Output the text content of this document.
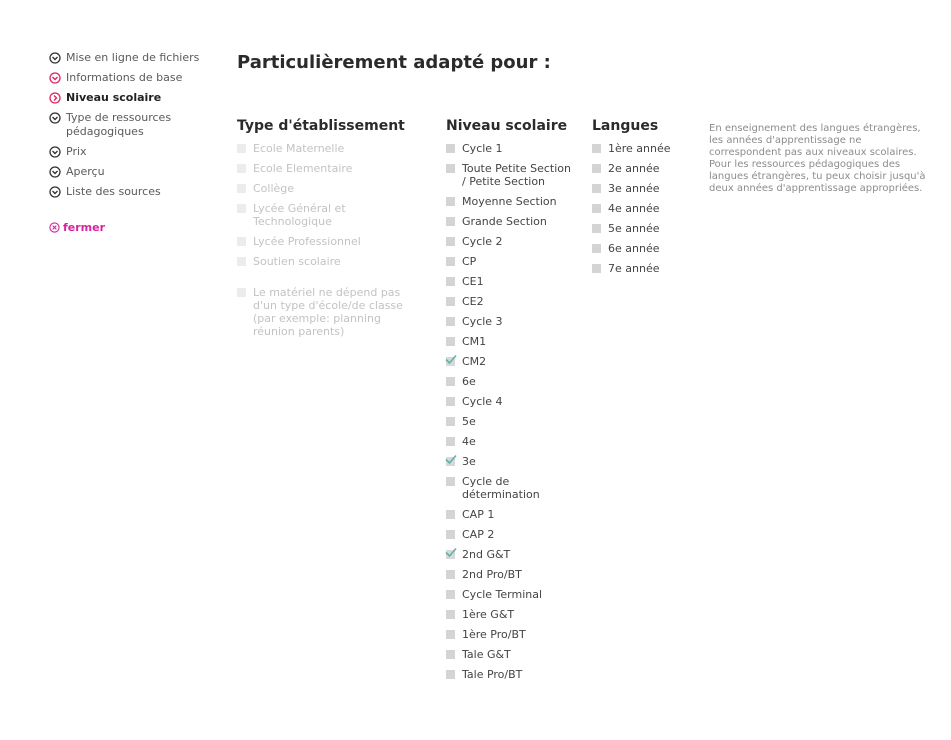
Mise en ligne de fichiers
Informations de base
Niveau scolaire
Type de ressources pédagogiques
Prix
Aperçu
Liste des sources
fermer
Particulièrement adapté pour :
Type d'établissement
Ecole Maternelle
Ecole Elementaire
Collège
Lycée Général et Technologique
Lycée Professionnel
Soutien scolaire
Le matériel ne dépend pas d'un type d'école/de classe (par exemple: planning réunion parents)
Niveau scolaire
Cycle 1
Toute Petite Section / Petite Section
Moyenne Section
Grande Section
Cycle 2
CP
CE1
CE2
Cycle 3
CM1
CM2
6e
Cycle 4
5e
4e
3e
Cycle de détermination
CAP 1
CAP 2
2nd G&T
2nd Pro/BT
Cycle Terminal
1ère G&T
1ère Pro/BT
Tale G&T
Tale Pro/BT
Langues
1ère année
2e année
3e année
4e année
5e année
6e année
7e année

En enseignement des langues étrangères, les années d'apprentissage ne correspondent pas aux niveaux scolaires. Pour les ressources pédagogiques des langues étrangères, tu peux choisir jusqu'à deux années d'apprentissage appropriées.
